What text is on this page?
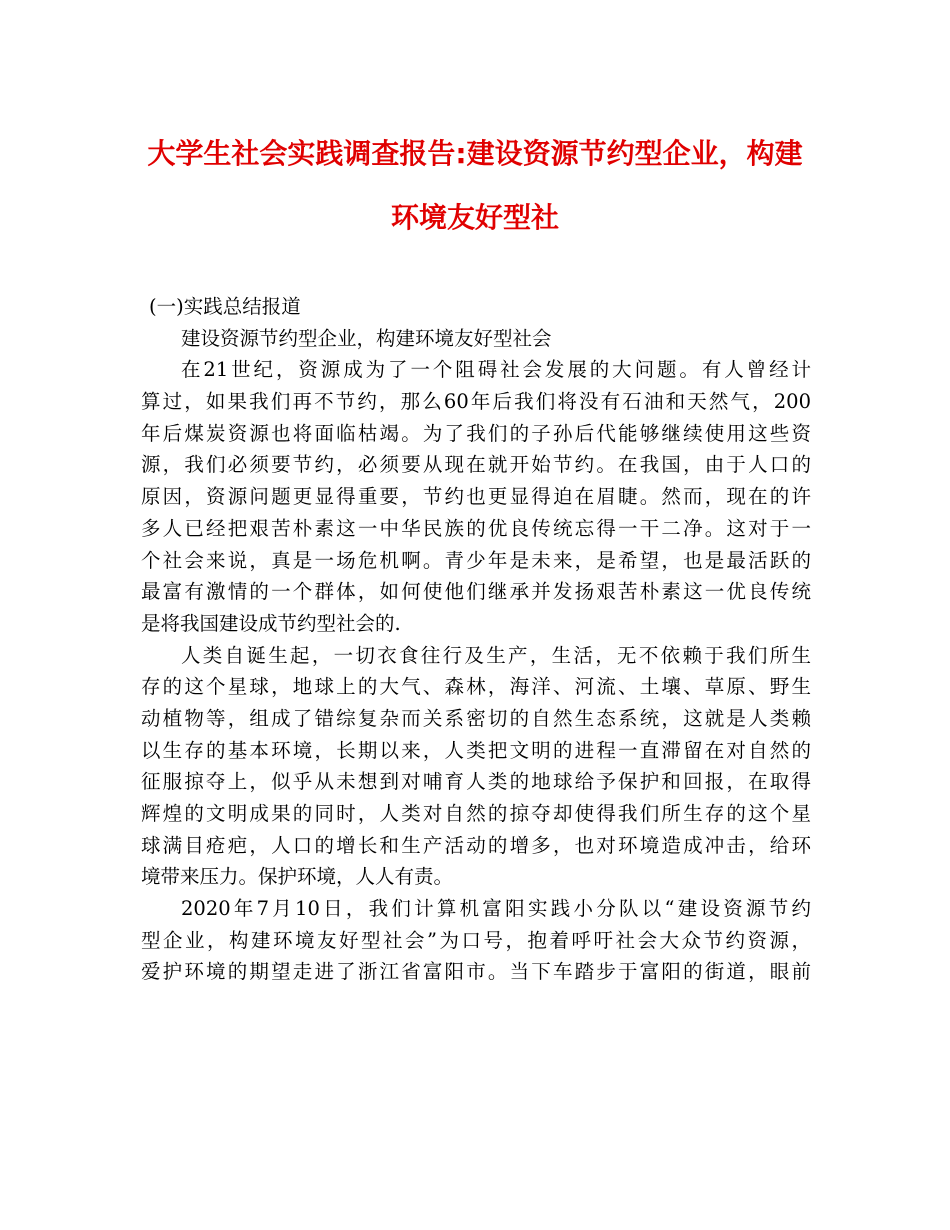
大学生社会实践调查报告:建设资源节约型企业，构建
环境友好型社
(一)实践总结报道
建设资源节约型企业，构建环境友好型社会
在21世纪，资源成为了一个阻碍社会发展的大问题。有人曾经计
算过，如果我们再不节约，那么60年后我们将没有石油和天然气，200
年后煤炭资源也将面临枯竭。为了我们的子孙后代能够继续使用这些资
源，我们必须要节约，必须要从现在就开始节约。在我国，由于人口的
原因，资源问题更显得重要，节约也更显得迫在眉睫。然而，现在的许
多人已经把艰苦朴素这一中华民族的优良传统忘得一干二净。这对于一
个社会来说，真是一场危机啊。青少年是未来，是希望，也是最活跃的
最富有激情的一个群体，如何使他们继承并发扬艰苦朴素这一优良传统
是将我国建设成节约型社会的.
人类自诞生起，一切衣食往行及生产，生活，无不依赖于我们所生
存的这个星球，地球上的大气、森林，海洋、河流、土壤、草原、野生
动植物等，组成了错综复杂而关系密切的自然生态系统，这就是人类赖
以生存的基本环境，长期以来，人类把文明的进程一直滞留在对自然的
征服掠夺上，似乎从未想到对哺育人类的地球给予保护和回报，在取得
辉煌的文明成果的同时，人类对自然的掠夺却使得我们所生存的这个星
球满目疮疤，人口的增长和生产活动的增多，也对环境造成冲击，给环
境带来压力。保护环境，人人有责。
2020年7月10日，我们计算机富阳实践小分队以“建设资源节约
型企业，构建环境友好型社会”为口号，抱着呼吁社会大众节约资源，
爱护环境的期望走进了浙江省富阳市。当下车踏步于富阳的街道，眼前
